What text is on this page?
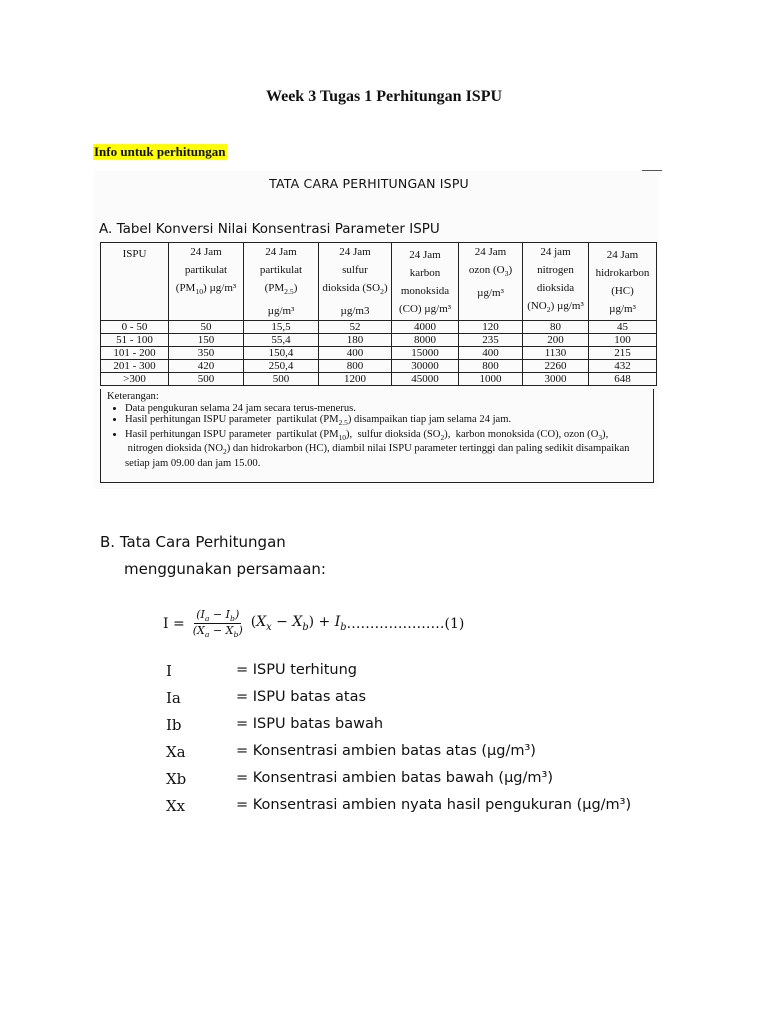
Week 3 Tugas 1 Perhitungan ISPU
Info untuk perhitungan
TATA CARA PERHITUNGAN ISPU
A. Tabel Konversi Nilai Konsentrasi Parameter ISPU
ISPU	24 Jam
partikulat
$(PM_{10})$ µg/m³	24 Jam
partikulat
$(PM_{2.5})$
µg/m³	24 Jam
sulfur
dioksida $(SO_2)$
µg/m3	24 Jam
karbon
monoksida
(CO) µg/m³	24 Jam
ozon $(O_3)$
µg/m³	24 jam
nitrogen
dioksida
$(NO_2)$ µg/m³	24 Jam
hidrokarbon
(HC)
µg/m³
0 - 50	50	15,5	52	4000	120	80	45
51 - 100	150	55,4	180	8000	235	200	100
101 - 200	350	150,4	400	15000	400	1130	215
201 - 300	420	250,4	800	30000	800	2260	432
>300	500	500	1200	45000	1000	3000	648
Keterangan:
• Data pengukuran selama 24 jam secara terus-menerus.
• Hasil perhitungan ISPU parameter  partikulat $(PM_{2.5})$ disampaikan tiap jam selama 24 jam.
• Hasil perhitungan ISPU parameter  partikulat $(PM_{10})$,  sulfur dioksida $(SO_2)$,  karbon monoksida (CO), ozon $(O_3)$,  nitrogen dioksida $(NO_2)$ dan hidrokarbon (HC), diambil nilai ISPU parameter tertinggi dan paling sedikit disampaikan setiap jam 09.00 dan jam 15.00.
B. Tata Cara Perhitungan
menggunakan persamaan:
$I = \frac{(I_a - I_b)}{(X_a - X_b)} (X_x - X_b) + I_b$ ………………… (1)
I	= ISPU terhitung
Ia	= ISPU batas atas
Ib	= ISPU batas bawah
Xa	= Konsentrasi ambien batas atas (µg/m³)
Xb	= Konsentrasi ambien batas bawah (µg/m³)
Xx	= Konsentrasi ambien nyata hasil pengukuran (µg/m³)
